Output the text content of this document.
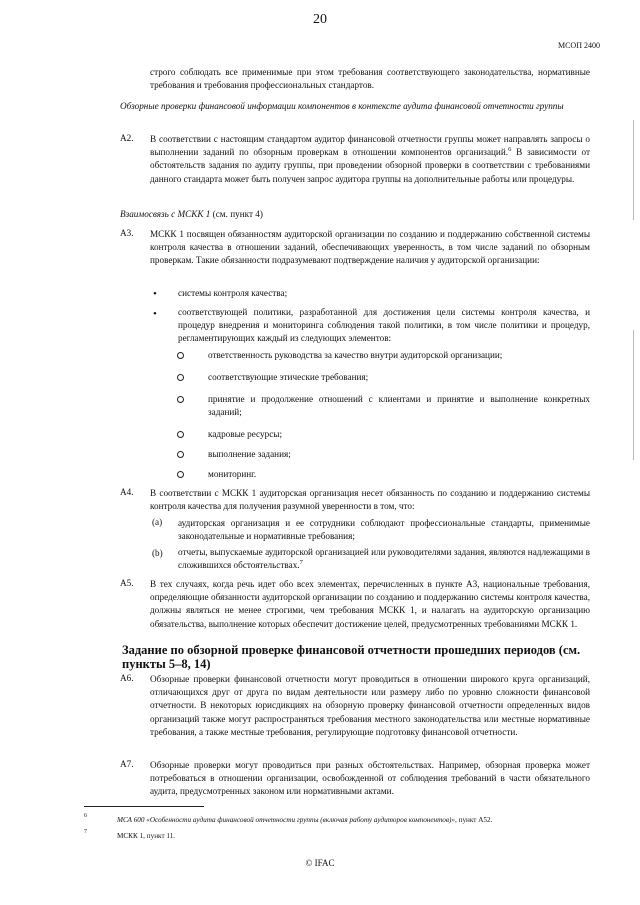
20
МСОП 2400
строго соблюдать все применимые при этом требования соответствующего законодательства, нормативные требования и требования профессиональных стандартов.
Обзорные проверки финансовой информации компонентов в контексте аудита финансовой отчетности группы
A2. В соответствии с настоящим стандартом аудитор финансовой отчетности группы может направлять запросы о выполнении заданий по обзорным проверкам в отношении компонентов организаций.$^6$ В зависимости от обстоятельств задания по аудиту группы, при проведении обзорной проверки в соответствии с требованиями данного стандарта может быть получен запрос аудитора группы на дополнительные работы или процедуры.
Взаимосвязь с МСКК 1 (см. пункт 4)
A3. МСКК 1 посвящен обязанностям аудиторской организации по созданию и поддержанию собственной системы контроля качества в отношении заданий, обеспечивающих уверенность, в том числе заданий по обзорным проверкам. Такие обязанности подразумевают подтверждение наличия у аудиторской организации:
• системы контроля качества;
• соответствующей политики, разработанной для достижения цели системы контроля качества, и процедур внедрения и мониторинга соблюдения такой политики, в том числе политики и процедур, регламентирующих каждый из следующих элементов:
ответственность руководства за качество внутри аудиторской организации;
соответствующие этические требования;
принятие и продолжение отношений с клиентами и принятие и выполнение конкретных заданий;
кадровые ресурсы;
выполнение задания;
мониторинг.
A4. В соответствии с МСКК 1 аудиторская организация несет обязанность по созданию и поддержанию системы контроля качества для получения разумной уверенности в том, что:
(a) аудиторская организация и ее сотрудники соблюдают профессиональные стандарты, применимые законодательные и нормативные требования;
(b) отчеты, выпускаемые аудиторской организацией или руководителями задания, являются надлежащими в сложившихся обстоятельствах.$^7$
A5. В тех случаях, когда речь идет обо всех элементах, перечисленных в пункте A3, национальные требования, определяющие обязанности аудиторской организации по созданию и поддержанию системы контроля качества, должны являться не менее строгими, чем требования МСКК 1, и налагать на аудиторскую организацию обязательства, выполнение которых обеспечит достижение целей, предусмотренных требованиями МСКК 1.
Задание по обзорной проверке финансовой отчетности прошедших периодов (см. пункты 5–8, 14)
A6. Обзорные проверки финансовой отчетности могут проводиться в отношении широкого круга организаций, отличающихся друг от друга по видам деятельности или размеру либо по уровню сложности финансовой отчетности. В некоторых юрисдикциях на обзорную проверку финансовой отчетности определенных видов организаций также могут распространяться требования местного законодательства или местные нормативные требования, а также местные требования, регулирующие подготовку финансовой отчетности.
A7. Обзорные проверки могут проводиться при разных обстоятельствах. Например, обзорная проверка может потребоваться в отношении организации, освобожденной от соблюдения требований в части обязательного аудита, предусмотренных законом или нормативными актами.
6	МСА 600 «Особенности аудита финансовой отчетности группы (включая работу аудиторов компонентов)», пункт A52.
7	МСКК 1, пункт 11.
© IFAC
